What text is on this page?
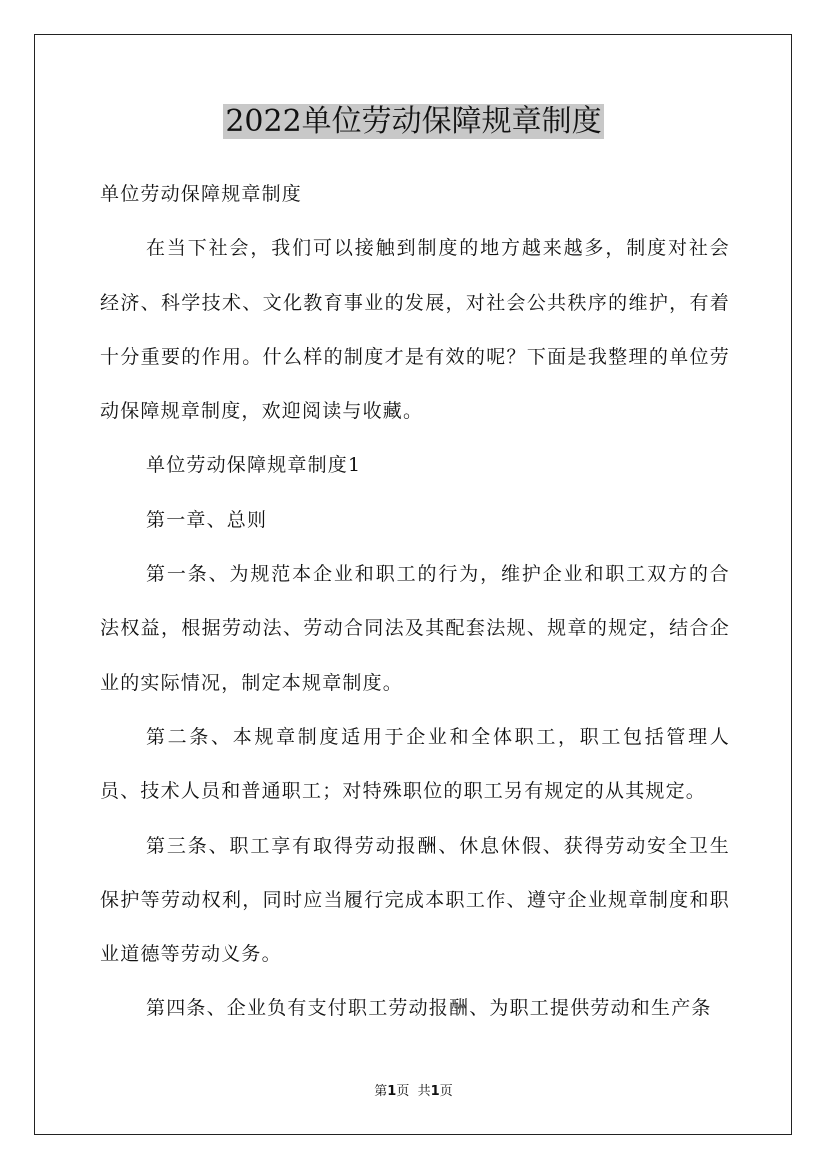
2022单位劳动保障规章制度

单位劳动保障规章制度

在当下社会，我们可以接触到制度的地方越来越多，制度对社会经济、科学技术、文化教育事业的发展，对社会公共秩序的维护，有着十分重要的作用。什么样的制度才是有效的呢？下面是我整理的单位劳动保障规章制度，欢迎阅读与收藏。

单位劳动保障规章制度1

第一章、总则

第一条、为规范本企业和职工的行为，维护企业和职工双方的合法权益，根据劳动法、劳动合同法及其配套法规、规章的规定，结合企业的实际情况，制定本规章制度。

第二条、本规章制度适用于企业和全体职工，职工包括管理人员、技术人员和普通职工；对特殊职位的职工另有规定的从其规定。

第三条、职工享有取得劳动报酬、休息休假、获得劳动安全卫生保护等劳动权利，同时应当履行完成本职工作、遵守企业规章制度和职业道德等劳动义务。

第四条、企业负有支付职工劳动报酬、为职工提供劳动和生产条

第1页 共1页
